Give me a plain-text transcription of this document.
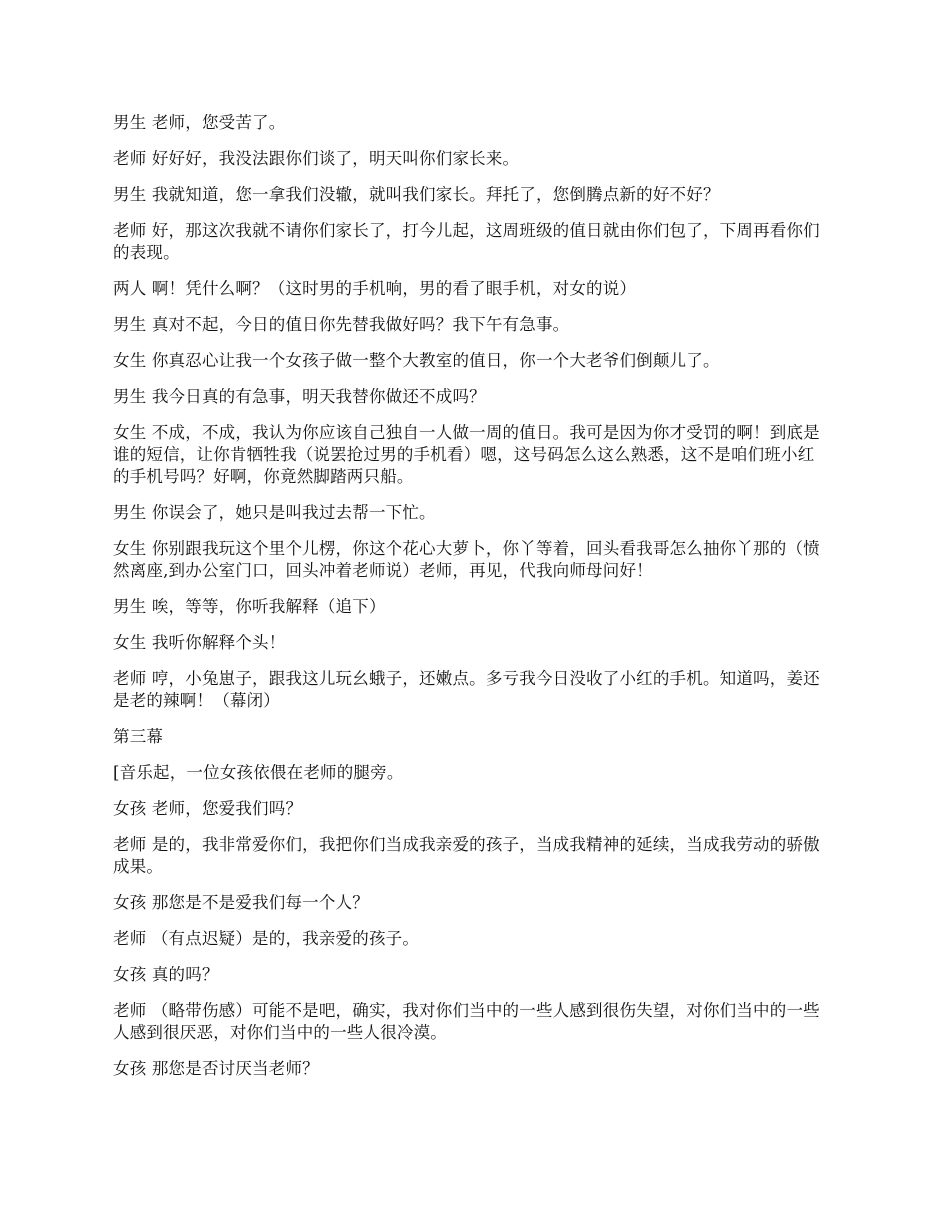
男生 老师，您受苦了。

老师 好好好，我没法跟你们谈了，明天叫你们家长来。

男生 我就知道，您一拿我们没辙，就叫我们家长。拜托了，您倒腾点新的好不好？

老师 好，那这次我就不请你们家长了，打今儿起，这周班级的值日就由你们包了，下周再看你们的表现。

两人 啊！凭什么啊？（这时男的手机响，男的看了眼手机，对女的说）

男生 真对不起，今日的值日你先替我做好吗？我下午有急事。

女生 你真忍心让我一个女孩子做一整个大教室的值日，你一个大老爷们倒颠儿了。

男生 我今日真的有急事，明天我替你做还不成吗？

女生 不成，不成，我认为你应该自己独自一人做一周的值日。我可是因为你才受罚的啊！到底是谁的短信，让你肯牺牲我（说罢抢过男的手机看）嗯，这号码怎么这么熟悉，这不是咱们班小红的手机号吗？好啊，你竟然脚踏两只船。

男生 你误会了，她只是叫我过去帮一下忙。

女生 你别跟我玩这个里个儿楞，你这个花心大萝卜，你丫等着，回头看我哥怎么抽你丫那的（愤然离座,到办公室门口，回头冲着老师说）老师，再见，代我向师母问好！

男生 唉，等等，你听我解释（追下）

女生 我听你解释个头！

老师 哼，小兔崽子，跟我这儿玩幺蛾子，还嫩点。多亏我今日没收了小红的手机。知道吗，姜还是老的辣啊！（幕闭）

第三幕

[音乐起，一位女孩依偎在老师的腿旁。

女孩 老师，您爱我们吗？

老师 是的，我非常爱你们，我把你们当成我亲爱的孩子，当成我精神的延续，当成我劳动的骄傲成果。

女孩 那您是不是爱我们每一个人？

老师 （有点迟疑）是的，我亲爱的孩子。

女孩 真的吗？

老师 （略带伤感）可能不是吧，确实，我对你们当中的一些人感到很伤失望，对你们当中的一些人感到很厌恶，对你们当中的一些人很冷漠。

女孩 那您是否讨厌当老师？
